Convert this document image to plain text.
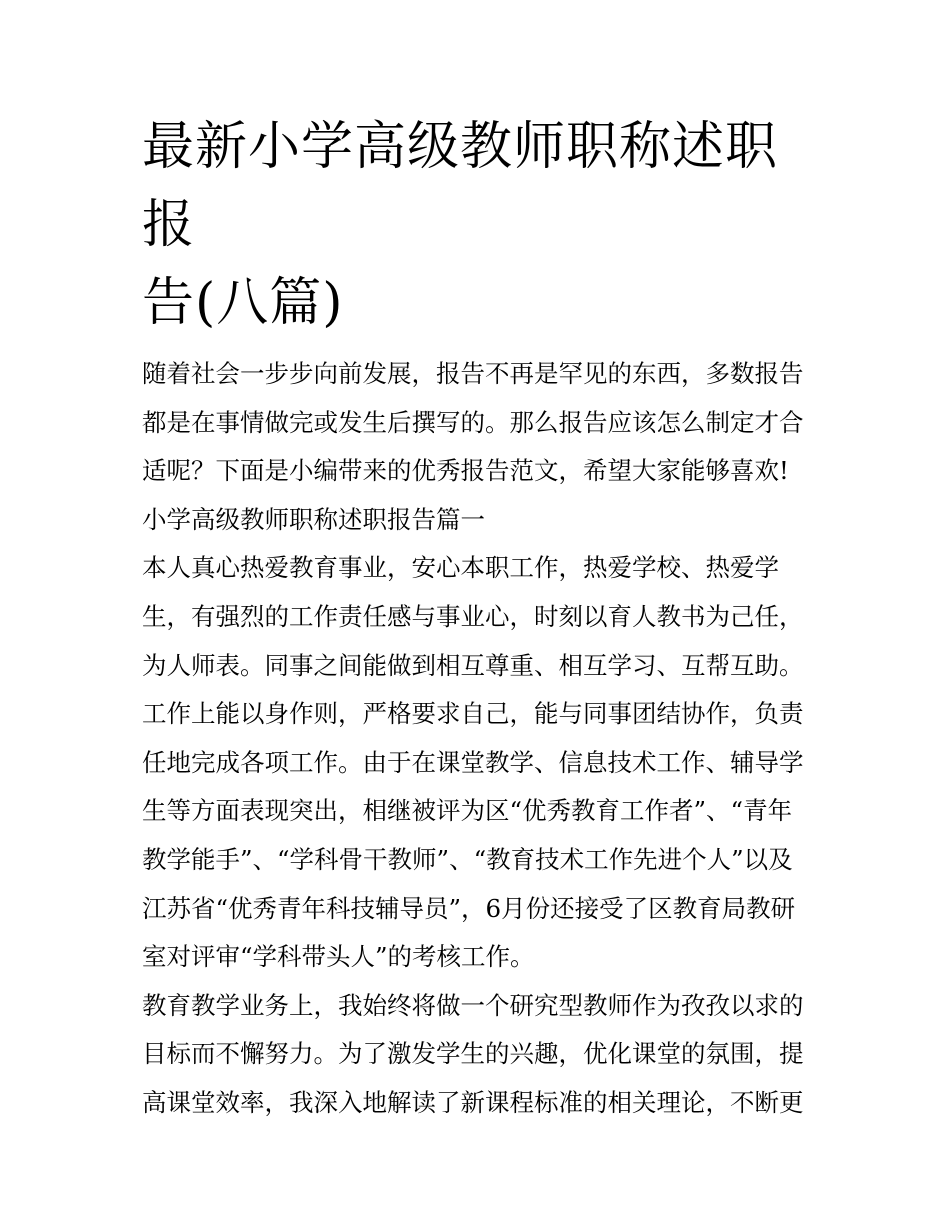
最新小学高级教师职称述职报
告(八篇)
随着社会一步步向前发展，报告不再是罕见的东西，多数报告
都是在事情做完或发生后撰写的。那么报告应该怎么制定才合
适呢？下面是小编带来的优秀报告范文，希望大家能够喜欢!
小学高级教师职称述职报告篇一
本人真心热爱教育事业，安心本职工作，热爱学校、热爱学
生，有强烈的工作责任感与事业心，时刻以育人教书为己任，
为人师表。同事之间能做到相互尊重、相互学习、互帮互助。
工作上能以身作则，严格要求自己，能与同事团结协作，负责
任地完成各项工作。由于在课堂教学、信息技术工作、辅导学
生等方面表现突出，相继被评为区“优秀教育工作者”、“青年
教学能手”、“学科骨干教师”、“教育技术工作先进个人”以及
江苏省“优秀青年科技辅导员”，6月份还接受了区教育局教研
室对评审“学科带头人”的考核工作。
教育教学业务上，我始终将做一个研究型教师作为孜孜以求的
目标而不懈努力。为了激发学生的兴趣，优化课堂的氛围，提
高课堂效率，我深入地解读了新课程标准的相关理论，不断更
